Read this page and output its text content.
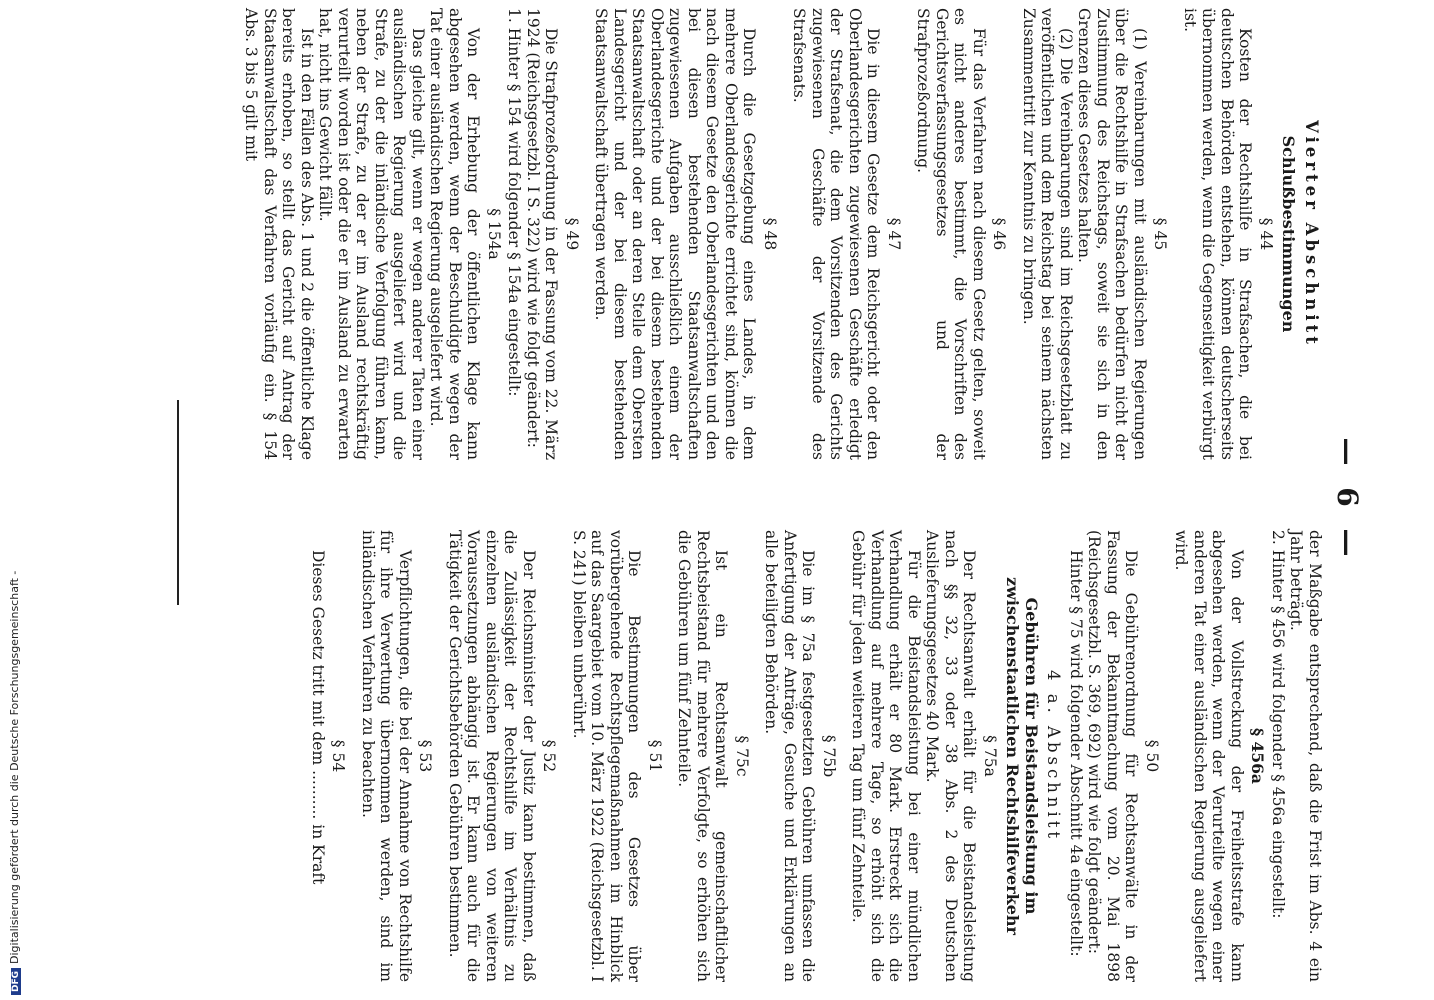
— 6 —
Vierter Abschnitt
Schlußbestimmungen
§ 44

Kosten der Rechtshilfe in Strafsachen, die bei deutschen Behörden entstehen, können deutscherseits übernommen werden, wenn die Gegenseitigkeit verbürgt ist.

§ 45

(1) Vereinbarungen mit ausländischen Regierungen über die Rechtshilfe in Strafsachen bedürfen nicht der Zustimmung des Reichstags, soweit sie sich in den Grenzen dieses Gesetzes halten.

(2) Die Vereinbarungen sind im Reichsgesetzblatt zu veröffentlichen und dem Reichstag bei seinem nächsten Zusammentritt zur Kenntnis zu bringen.

§ 46

Für das Verfahren nach diesem Gesetz gelten, soweit es nicht anderes bestimmt, die Vorschriften des Gerichtsverfassungsgesetzes und der Strafprozeßordnung.

§ 47

Die in diesem Gesetze dem Reichsgericht oder den Oberlandesgerichten zugewiesenen Geschäfte erledigt der Strafsenat, die dem Vorsitzenden des Gerichts zugewiesenen Geschäfte der Vorsitzende des Strafsenats.

§ 48

Durch die Gesetzgebung eines Landes, in dem mehrere Oberlandesgerichte errichtet sind, können die nach diesem Gesetze den Oberlandesgerichten und den bei diesen bestehenden Staatsanwaltschaften zugewiesenen Aufgaben ausschließlich einem der Oberlandesgerichte und der bei diesem bestehenden Staatsanwaltschaft oder an deren Stelle dem Obersten Landesgericht und der bei diesem bestehenden Staatsanwaltschaft übertragen werden.

§ 49

Die Strafprozeßordnung in der Fassung vom 22. März 1924 (Reichsgesetzbl. I S. 322) wird wie folgt geändert:

1. Hinter § 154 wird folgender § 154a eingestellt:

§ 154a

Von der Erhebung der öffentlichen Klage kann abgesehen werden, wenn der Beschuldigte wegen der Tat einer ausländischen Regierung ausgeliefert wird.

Das gleiche gilt, wenn er wegen anderer Taten einer ausländischen Regierung ausgeliefert wird und die Strafe, zu der die inländische Verfolgung führen kann, neben der Strafe, zu der er im Ausland rechtskräftig verurteilt worden ist oder die er im Ausland zu erwarten hat, nicht ins Gewicht fällt.

Ist in den Fällen des Abs. 1 und 2 die öffentliche Klage bereits erhoben, so stellt das Gericht auf Antrag der Staatsanwaltschaft das Verfahren vorläufig ein. § 154 Abs. 3 bis 5 gilt mit

der Maßgabe entsprechend, daß die Frist im Abs. 4 ein Jahr beträgt.

2. Hinter § 456 wird folgender § 456a eingestellt:

§ 456a

Von der Vollstreckung der Freiheitsstrafe kann abgesehen werden, wenn der Verurteilte wegen einer anderen Tat einer ausländischen Regierung ausgeliefert wird.

§ 50

Die Gebührenordnung für Rechtsanwälte in der Fassung der Bekanntmachung vom 20. Mai 1898 (Reichsgesetzbl. S. 369, 692) wird wie folgt geändert:

Hinter § 75 wird folgender Abschnitt 4a eingestellt:

4 a. Abschnitt
Gebühren für Beistandsleistung im zwischenstaatlichen Rechtshilfeverkehr
§ 75a

Der Rechtsanwalt erhält für die Beistandsleistung nach §§ 32, 33 oder 38 Abs. 2 des Deutschen Auslieferungsgesetzes 40 Mark.

Für die Beistandsleistung bei einer mündlichen Verhandlung erhält er 80 Mark. Erstreckt sich die Verhandlung auf mehrere Tage, so erhöht sich die Gebühr für jeden weiteren Tag um fünf Zehnteile.

§ 75b

Die im § 75a festgesetzten Gebühren umfassen die Anfertigung der Anträge, Gesuche und Erklärungen an alle beteiligten Behörden.

§ 75c

Ist ein Rechtsanwalt gemeinschaftlicher Rechtsbeistand für mehrere Verfolgte, so erhöhen sich die Gebühren um fünf Zehnteile.

§ 51

Die Bestimmungen des Gesetzes über vorübergehende Rechtspflegemaßnahmen im Hinblick auf das Saargebiet vom 10. März 1922 (Reichsgesetzbl. I S. 241) bleiben unberührt.

§ 52

Der Reichsminister der Justiz kann bestimmen, daß die Zulässigkeit der Rechtshilfe im Verhältnis zu einzelnen ausländischen Regierungen von weiteren Voraussetzungen abhängig ist. Er kann auch für die Tätigkeit der Gerichtsbehörden Gebühren bestimmen.

§ 53

Verpflichtungen, die bei der Annahme von Rechtshilfe für ihre Verwertung übernommen werden, sind im inländischen Verfahren zu beachten.

§ 54

Dieses Gesetz tritt mit dem .......... in Kraft

DFGDigitalisierung gefördert durch die Deutsche Forschungsgemeinschaft -
